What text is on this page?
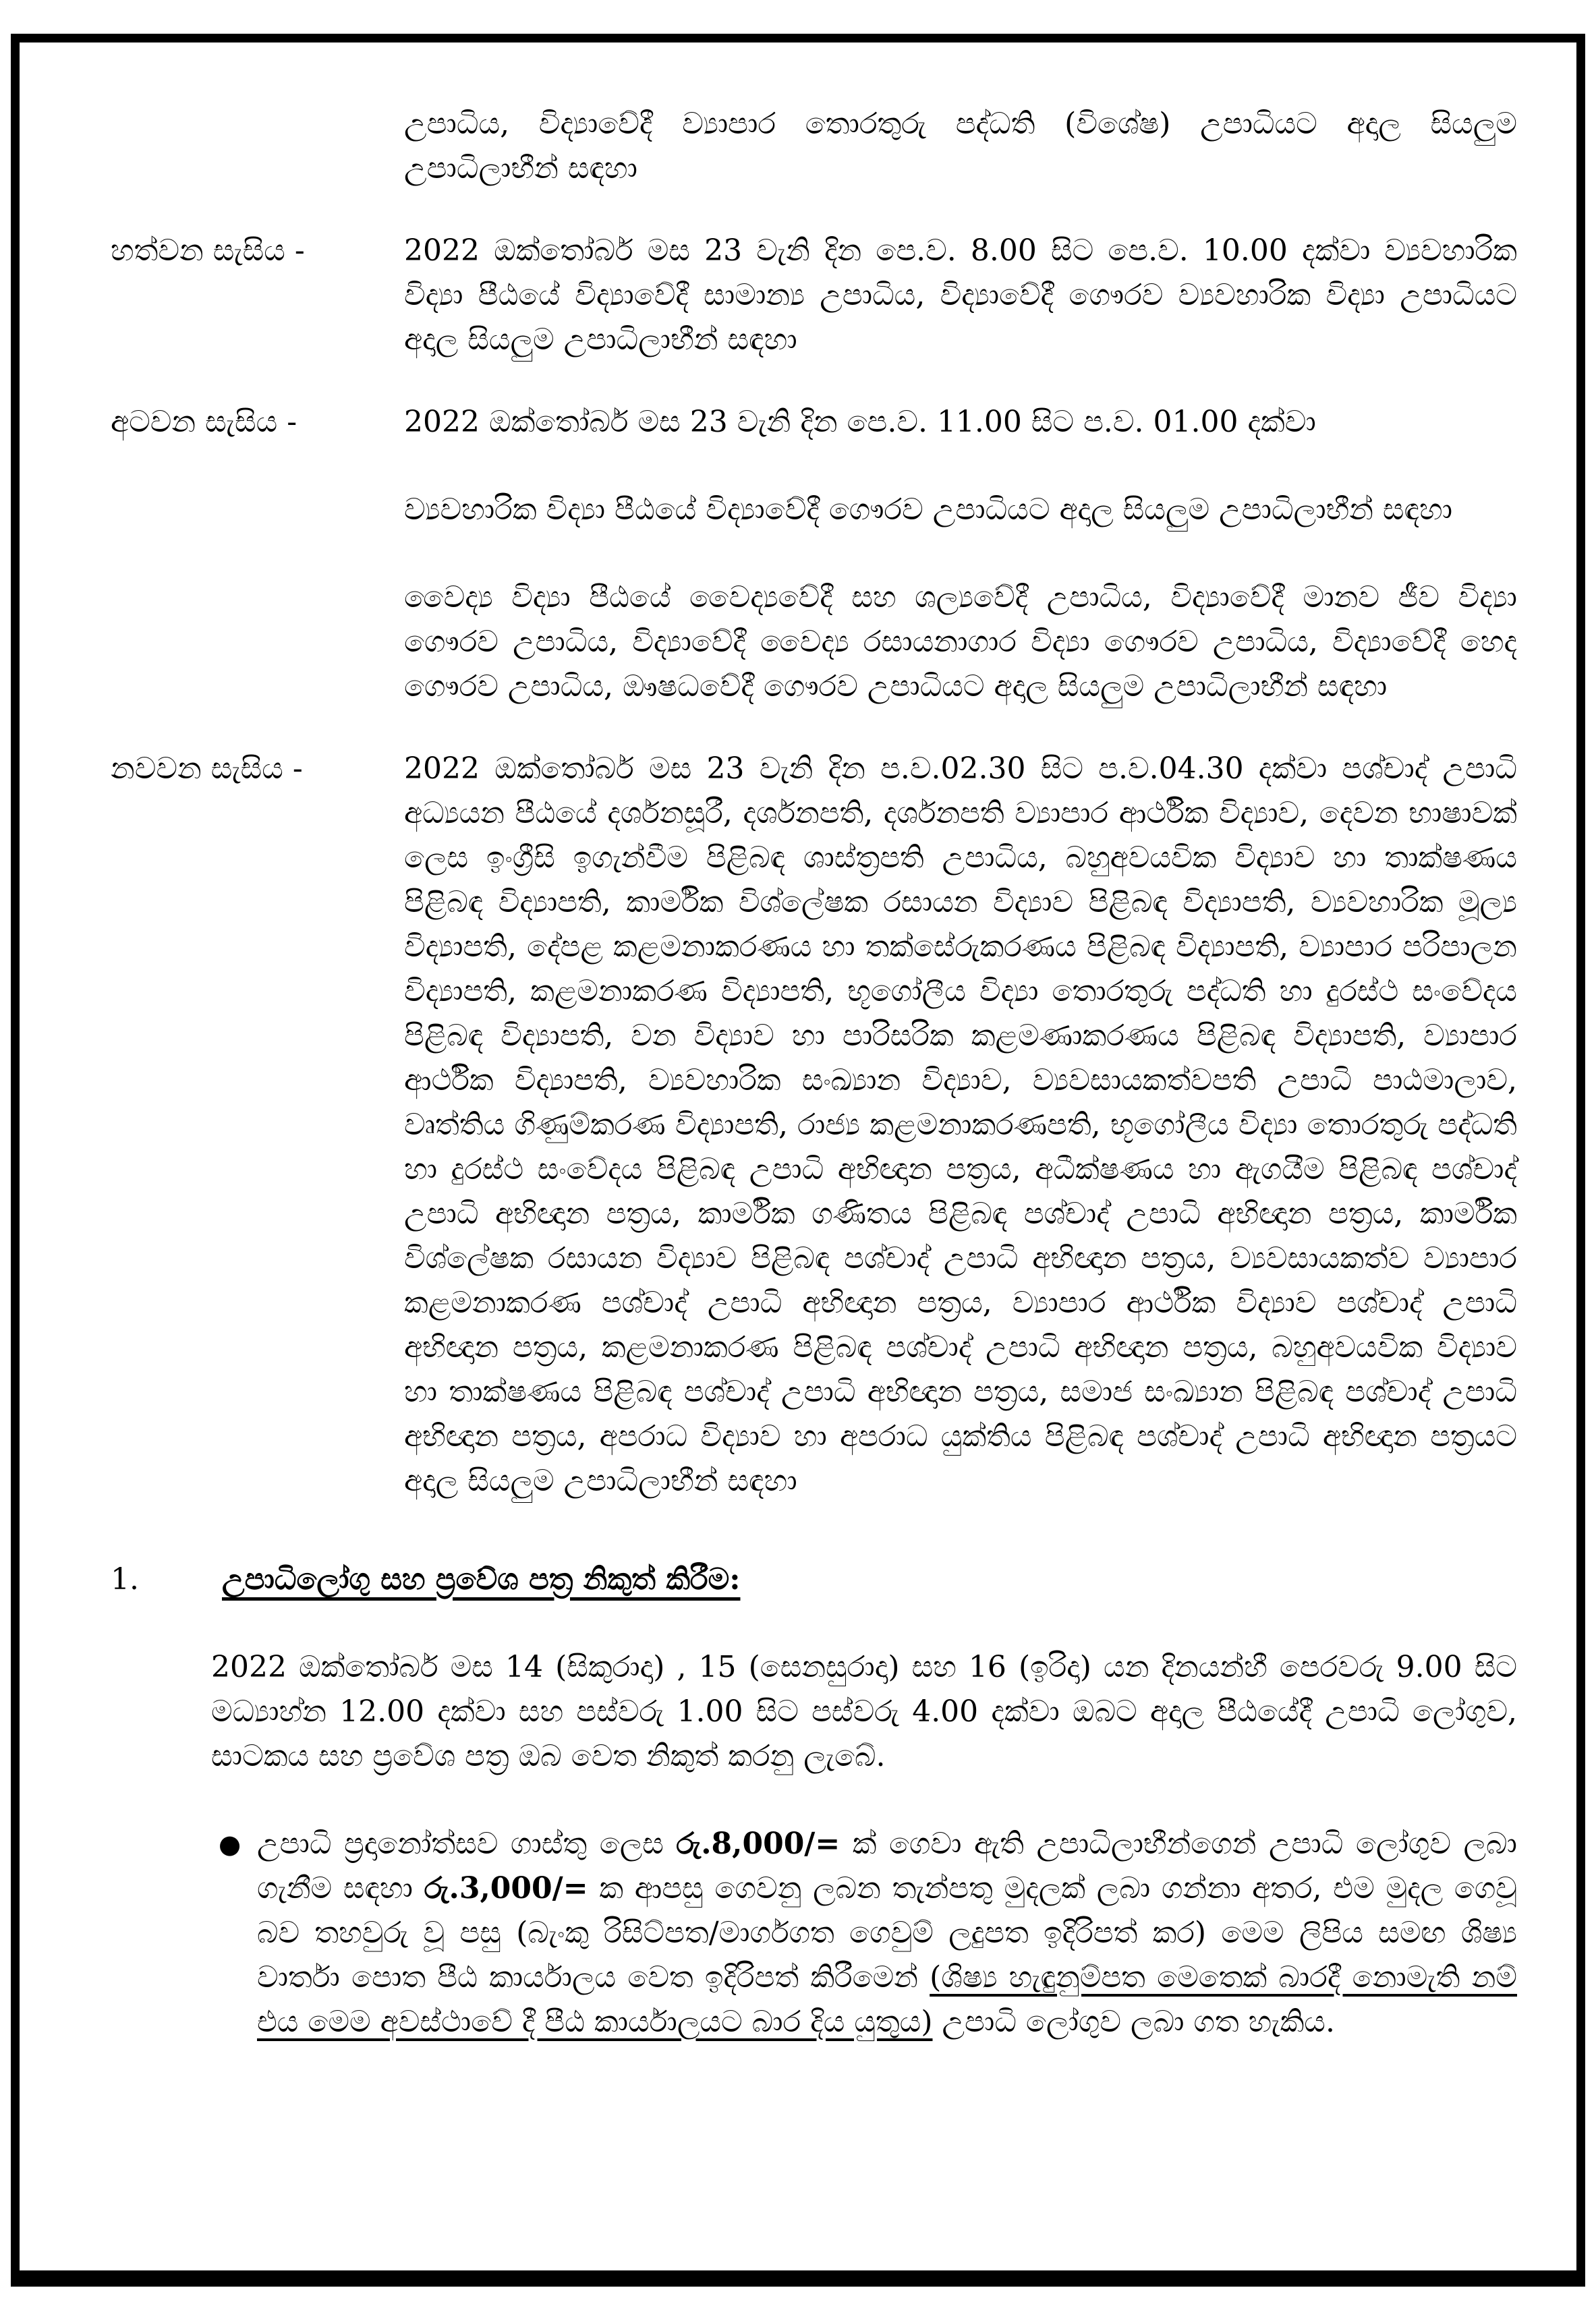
උපාධිය, විද්‍යාවේදී ව්‍යාපාර තොරතුරු පද්ධති (විශේෂ) උපාධියට අදාල සියලුම උපාධිලාභීන් සඳහා

හත්වන සැසිය -	2022 ඔක්තෝබර් මස 23 වැනි දින පෙ.ව. 8.00 සිට පෙ.ව. 10.00 දක්වා ව්‍යවහාරික විද්‍යා පීඨයේ විද්‍යාවේදී සාමාන්‍ය උපාධිය, විද්‍යාවේදී ගෞරව ව්‍යවහාරික විද්‍යා උපාධියට අදාල සියලුම උපාධිලාභීන් සඳහා

අටවන සැසිය -	2022 ඔක්තෝබර් මස 23 වැනි දින පෙ.ව. 11.00 සිට ප.ව. 01.00 දක්වා

ව්‍යවහාරික විද්‍යා පීඨයේ විද්‍යාවේදී ගෞරව උපාධියට අදාල සියලුම උපාධිලාභීන් සඳහා

වෛද්‍ය විද්‍යා පීඨයේ වෛද්‍යවේදී සහ ශල්‍යවේදී උපාධිය, විද්‍යාවේදී මානව ජීව විද්‍යා ගෞරව උපාධිය, විද්‍යාවේදී වෛද්‍ය රසායනාගාර විද්‍යා ගෞරව උපාධිය, විද්‍යාවේදී හෙද ගෞරව උපාධිය, ඖෂධවේදී ගෞරව උපාධියට අදාල සියලුම උපාධිලාභීන් සඳහා

නවවන සැසිය -	2022 ඔක්තෝබර් මස 23 වැනි දින ප.ව.02.30 සිට ප.ව.04.30 දක්වා පශ්චාද් උපාධි අධ්‍යයන පීඨයේ දර්ශනසූරී, දර්ශනපති, දර්ශනපති ව්‍යාපාර ආර්ථික විද්‍යාව, දෙවන භාෂාවක් ලෙස ඉංග්‍රීසි ඉගැන්වීම පිළිබඳ ශාස්ත්‍රපති උපාධිය, බහුඅවයවික විද්‍යාව හා තාක්ෂණය පිළිබඳ විද්‍යාපති, කාර්මික විශ්ලේෂක රසායන විද්‍යාව පිළිබඳ විද්‍යාපති, ව්‍යවහාරික මූල්‍ය විද්‍යාපති, දේපළ කළමනාකරණය හා තක්සේරුකරණය පිළිබඳ විද්‍යාපති, ව්‍යාපාර පරිපාලන විද්‍යාපති, කළමනාකරණ විද්‍යාපති, භූගෝලීය විද්‍යා තොරතුරු පද්ධති හා දුරස්ථ සංවේදය පිළිබඳ විද්‍යාපති, වන විද්‍යාව හා පාරිසරික කළමණාකරණය පිළිබඳ විද්‍යාපති, ව්‍යාපාර ආර්ථික විද්‍යාපති, ව්‍යවහාරික සංඛ්‍යාන විද්‍යාව, ව්‍යවසායකත්වපති උපාධි පාඨමාලාව, වෘත්තිය ගිණුම්කරණ විද්‍යාපති, රාජ්‍ය කළමනාකරණපති, භූගෝලීය විද්‍යා තොරතුරු පද්ධති හා දුරස්ථ සංවේදය පිළිබඳ උපාධි අභිඥාන පත්‍රය, අධීක්ෂණය හා ඇගයීම පිළිබඳ පශ්චාද් උපාධි අභිඥාන පත්‍රය, කාර්මික ගණිතය පිළිබඳ පශ්චාද් උපාධි අභිඥාන පත්‍රය, කාර්මික විශ්ලේෂක රසායන විද්‍යාව පිළිබඳ පශ්චාද් උපාධි අභිඥාන පත්‍රය, ව්‍යවසායකත්ව ව්‍යාපාර කළමනාකරණ පශ්චාද් උපාධි අභිඥාන පත්‍රය, ව්‍යාපාර ආර්ථික විද්‍යාව පශ්චාද් උපාධි අභිඥාන පත්‍රය, කළමනාකරණ පිළිබඳ පශ්චාද් උපාධි අභිඥාන පත්‍රය, බහුඅවයවික විද්‍යාව හා තාක්ෂණය පිළිබඳ පශ්චාද් උපාධි අභිඥාන පත්‍රය, සමාජ සංඛ්‍යාන පිළිබඳ පශ්චාද් උපාධි අභිඥාන පත්‍රය, අපරාධ විද්‍යාව හා අපරාධ යුක්තිය පිළිබඳ පශ්චාද් උපාධි අභිඥාන පත්‍රයට අදාල සියලුම උපාධිලාභීන් සඳහා

1.	උපාධිලෝගු සහ ප්‍රවේශ පත්‍ර නිකුත් කිරීම:

2022 ඔක්තෝබර් මස 14 (සිකුරාදා) , 15 (සෙනසුරාදා) සහ 16 (ඉරිදා) යන දිනයන්හී පෙරවරු 9.00 සිට මධ්‍යාහ්න 12.00 දක්වා සහ පස්වරු 1.00 සිට පස්වරු 4.00 දක්වා ඔබට අදාල පීඨයේදී උපාධි ලෝගුව, සාටකය සහ ප්‍රවේශ පත්‍ර ඔබ වෙත නිකුත් කරනු ලැබේ.

● උපාධි ප්‍රදානෝත්සව ගාස්තු ලෙස රු.8,000/= ක් ගෙවා ඇති උපාධිලාභීන්ගෙන් උපාධි ලෝගුව ලබා ගැනීම සඳහා රු.3,000/= ක ආපසු ගෙවනු ලබන තැන්පතු මුදලක් ලබා ගන්නා අතර, එම මුදල ගෙවූ බව තහවුරු වූ පසු (බැංකු රිසිට්පත/මාර්ගගත ගෙවුම් ලදුපත ඉදිරිපත් කර) මෙම ලිපිය සමඟ ශිෂ්‍ය වාර්තා පොත පීඨ කාර්යාලය වෙත ඉදිරිපත් කිරීමෙන් (ශිෂ්‍ය හැඳුනුම්පත මෙතෙක් බාරදී නොමැති නම් එය මෙම අවස්ථාවේ දී පීඨ කාර්යාලයට බාර දිය යුතුය) උපාධි ලෝගුව ලබා ගත හැකිය.
